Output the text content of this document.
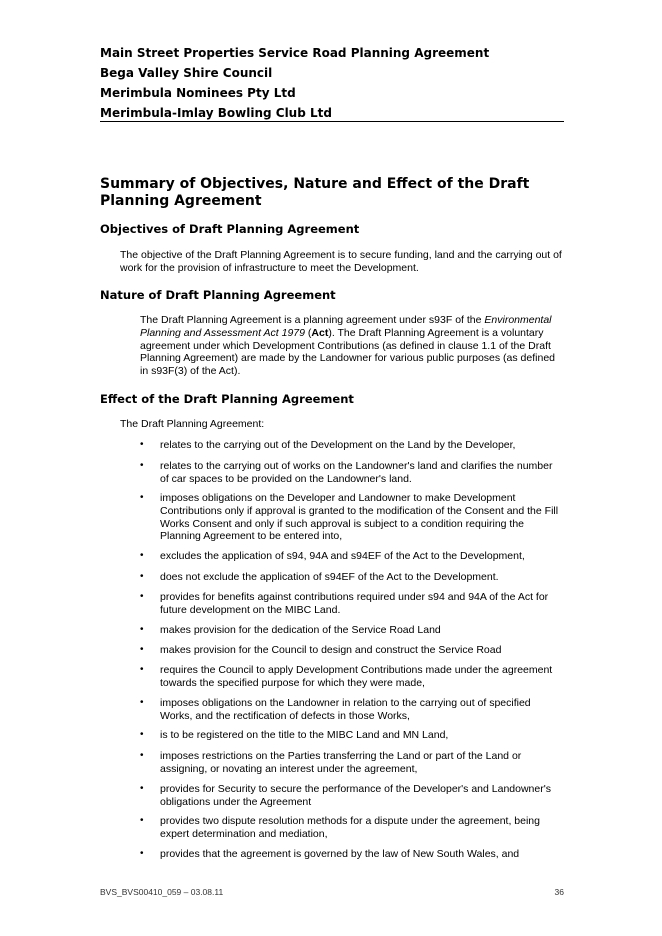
Main Street Properties Service Road Planning Agreement
Bega Valley Shire Council
Merimbula Nominees Pty Ltd
Merimbula-Imlay Bowling Club Ltd
Summary of Objectives, Nature and Effect of the Draft Planning Agreement
Objectives of Draft Planning Agreement
The objective of the Draft Planning Agreement is to secure funding, land and the carrying out of work for the provision of infrastructure to meet the Development.
Nature of Draft Planning Agreement
The Draft Planning Agreement is a planning agreement under s93F of the Environmental Planning and Assessment Act 1979 (Act). The Draft Planning Agreement is a voluntary agreement under which Development Contributions (as defined in clause 1.1 of the Draft Planning Agreement) are made by the Landowner for various public purposes (as defined in s93F(3) of the Act).
Effect of the Draft Planning Agreement
The Draft Planning Agreement:
• relates to the carrying out of the Development on the Land by the Developer,
• relates to the carrying out of works on the Landowner's land and clarifies the number of car spaces to be provided on the Landowner's land.
• imposes obligations on the Developer and Landowner to make Development Contributions only if approval is granted to the modification of the Consent and the Fill Works Consent and only if such approval is subject to a condition requiring the Planning Agreement to be entered into,
• excludes the application of s94, 94A and s94EF of the Act to the Development,
• does not exclude the application of s94EF of the Act to the Development.
• provides for benefits against contributions required under s94 and 94A of the Act for future development on the MIBC Land.
• makes provision for the dedication of the Service Road Land
• makes provision for the Council to design and construct the Service Road
• requires the Council to apply Development Contributions made under the agreement towards the specified purpose for which they were made,
• imposes obligations on the Landowner in relation to the carrying out of specified Works, and the rectification of defects in those Works,
• is to be registered on the title to the MIBC Land and MN Land,
• imposes restrictions on the Parties transferring the Land or part of the Land or assigning, or novating an interest under the agreement,
• provides for Security to secure the performance of the Developer's and Landowner's obligations under the Agreement
• provides two dispute resolution methods for a dispute under the agreement, being expert determination and mediation,
• provides that the agreement is governed by the law of New South Wales, and
BVS_BVS00410_059 – 03.08.11	36
